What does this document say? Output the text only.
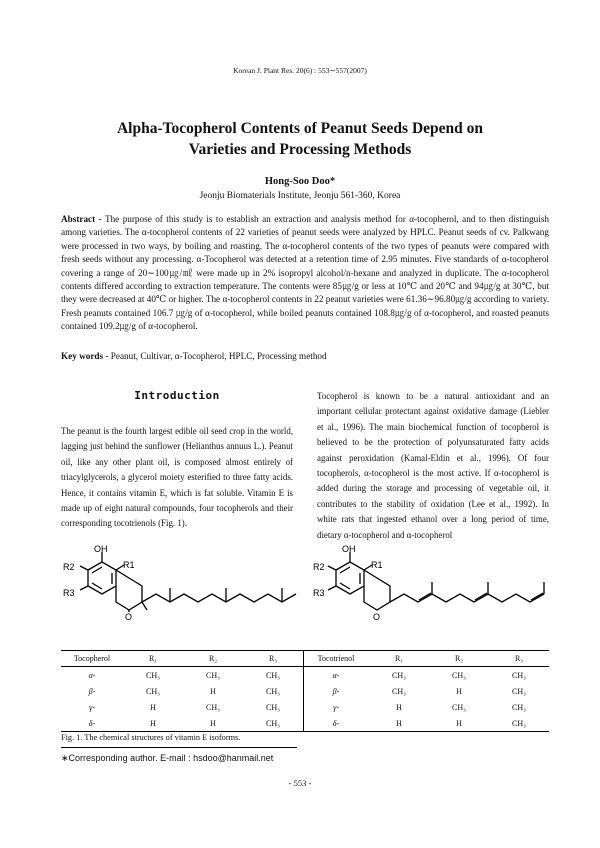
Korean J. Plant Res. 20(6) : 553∼557(2007)
Alpha-Tocopherol Contents of Peanut Seeds Depend on
Varieties and Processing Methods
Hong-Soo Doo*
Jeonju Biomaterials Institute, Jeonju 561-360, Korea
Abstract - The purpose of this study is to establish an extraction and analysis method for α-tocopherol, and to then distinguish among varieties. The α-tocopherol contents of 22 varieties of peanut seeds were analyzed by HPLC. Peanut seeds of cv. Palkwang were processed in two ways, by boiling and roasting. The α-tocopherol contents of the two types of peanuts were compared with fresh seeds without any processing. α-Tocopherol was detected at a retention time of 2.95 minutes. Five standards of α-tocopherol covering a range of 20∼100㎍/㎖ were made up in 2% isopropyl alcohol/n-hexane and analyzed in duplicate. The α-tocopherol contents differed according to extraction temperature. The contents were 85㎍/g or less at 10℃ and 20℃ and 94㎍/g at 30℃, but they were decreased at 40℃ or higher. The α-tocopherol contents in 22 peanut varieties were 61.36∼96.80㎍/g according to variety. Fresh peanuts contained 106.7 ㎍/g of α-tocopherol, while boiled peanuts contained 108.8㎍/g of α-tocopherol, and roasted peanuts contained 109.2㎍/g of α-tocopherol.
Key words - Peanut, Cultivar, α-Tocopherol, HPLC, Processing method
Introduction
The peanut is the fourth largest edible oil seed crop in the world, lagging just behind the sunflower (Helianthus annuus L.). Peanut oil, like any other plant oil, is composed almost entirely of triacylglycerols, a glycerol moiety esterified to three fatty acids. Hence, it contains vitamin E, which is fat soluble. Vitamin E is made up of eight natural compounds, four tocopherols and their corresponding tocotrienols (Fig. 1).
Tocopherol is known to be a natural antioxidant and an important cellular protectant against oxidative damage (Liebler et al., 1996). The main biochemical function of tocopherol is believed to be the protection of polyunsaturated fatty acids against peroxidation (Kamal-Eldin et al., 1996). Of four tocopherols, α-tocopherol is the most active. If α-tocopherol is added during the storage and processing of vegetable oil, it contributes to the stability of oxidation (Lee et al., 1992). In white rats that ingested ethanol over a long period of time, dietary α-tocopherol and α-tocopherol
OH
R1
R2
R3
O
OH
R1
R2
R3
O
Tocopherol	R₁	R₂	R₃
α-	CH₃	CH₃	CH₃
β-	CH₃	H	CH₃
γ-	H	CH₃	CH₃
δ-	H	H	CH₃
Tocotrienol	R₁	R₂	R₃
α-	CH₃	CH₃	CH₃
β-	CH₃	H	CH₃
γ-	H	CH₃	CH₃
δ-	H	H	CH₃
Fig. 1. The chemical structures of vitamin E isoforms.
∗Corresponding author. E-mail : hsdoo@hanmail.net
- 553 -
